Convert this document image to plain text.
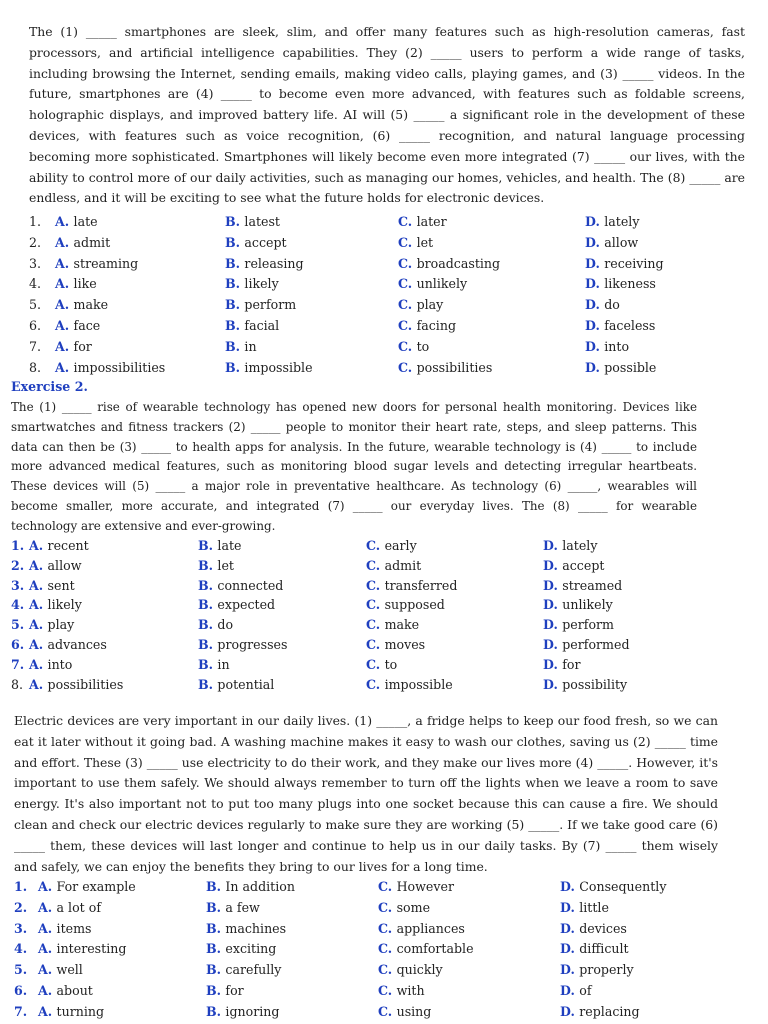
The (1) _____ smartphones are sleek, slim, and offer many features such as high-resolution cameras, fast processors, and artificial intelligence capabilities. They (2) _____ users to perform a wide range of tasks, including browsing the Internet, sending emails, making video calls, playing games, and (3) _____ videos. In the future, smartphones are (4) _____ to become even more advanced, with features such as foldable screens, holographic displays, and improved battery life. AI will (5) _____ a significant role in the development of these devices, with features such as voice recognition, (6) _____ recognition, and natural language processing becoming more sophisticated. Smartphones will likely become even more integrated (7) _____ our lives, with the ability to control more of our daily activities, such as managing our homes, vehicles, and health. The (8) _____ are endless, and it will be exciting to see what the future holds for electronic devices.

1. A. late	B. latest	C. later	D. lately
2. A. admit	B. accept	C. let	D. allow
3. A. streaming	B. releasing	C. broadcasting	D. receiving
4. A. like	B. likely	C. unlikely	D. likeness
5. A. make	B. perform	C. play	D. do
6. A. face	B. facial	C. facing	D. faceless
7. A. for	B. in	C. to	D. into
8. A. impossibilities	B. impossible	C. possibilities	D. possible
Exercise 2.

The (1) _____ rise of wearable technology has opened new doors for personal health monitoring. Devices like smartwatches and fitness trackers (2) _____ people to monitor their heart rate, steps, and sleep patterns. This data can then be (3) _____ to health apps for analysis. In the future, wearable technology is (4) _____ to include more advanced medical features, such as monitoring blood sugar levels and detecting irregular heartbeats. These devices will (5) _____ a major role in preventative healthcare. As technology (6) _____, wearables will become smaller, more accurate, and integrated (7) _____ our everyday lives. The (8) _____ for wearable technology are extensive and ever-growing.

1. A. recent	B. late	C. early	D. lately
2. A. allow	B. let	C. admit	D. accept
3. A. sent	B. connected	C. transferred	D. streamed
4. A. likely	B. expected	C. supposed	D. unlikely
5. A. play	B. do	C. make	D. perform
6. A. advances	B. progresses	C. moves	D. performed
7. A. into	B. in	C. to	D. for
8. A. possibilities	B. potential	C. impossible	D. possibility

Electric devices are very important in our daily lives. (1) _____, a fridge helps to keep our food fresh, so we can eat it later without it going bad. A washing machine makes it easy to wash our clothes, saving us (2) _____ time and effort. These (3) _____ use electricity to do their work, and they make our lives more (4) _____. However, it's important to use them safely. We should always remember to turn off the lights when we leave a room to save energy. It's also important not to put too many plugs into one socket because this can cause a fire. We should clean and check our electric devices regularly to make sure they are working (5) _____. If we take good care (6) _____ them, these devices will last longer and continue to help us in our daily tasks. By (7) _____ them wisely and safely, we can enjoy the benefits they bring to our lives for a long time.

1. A. For example	B. In addition	C. However	D. Consequently
2. A. a lot of	B. a few	C. some	D. little
3. A. items	B. machines	C. appliances	D. devices
4. A. interesting	B. exciting	C. comfortable	D. difficult
5. A. well	B. carefully	C. quickly	D. properly
6. A. about	B. for	C. with	D. of
7. A. turning	B. ignoring	C. using	D. replacing
